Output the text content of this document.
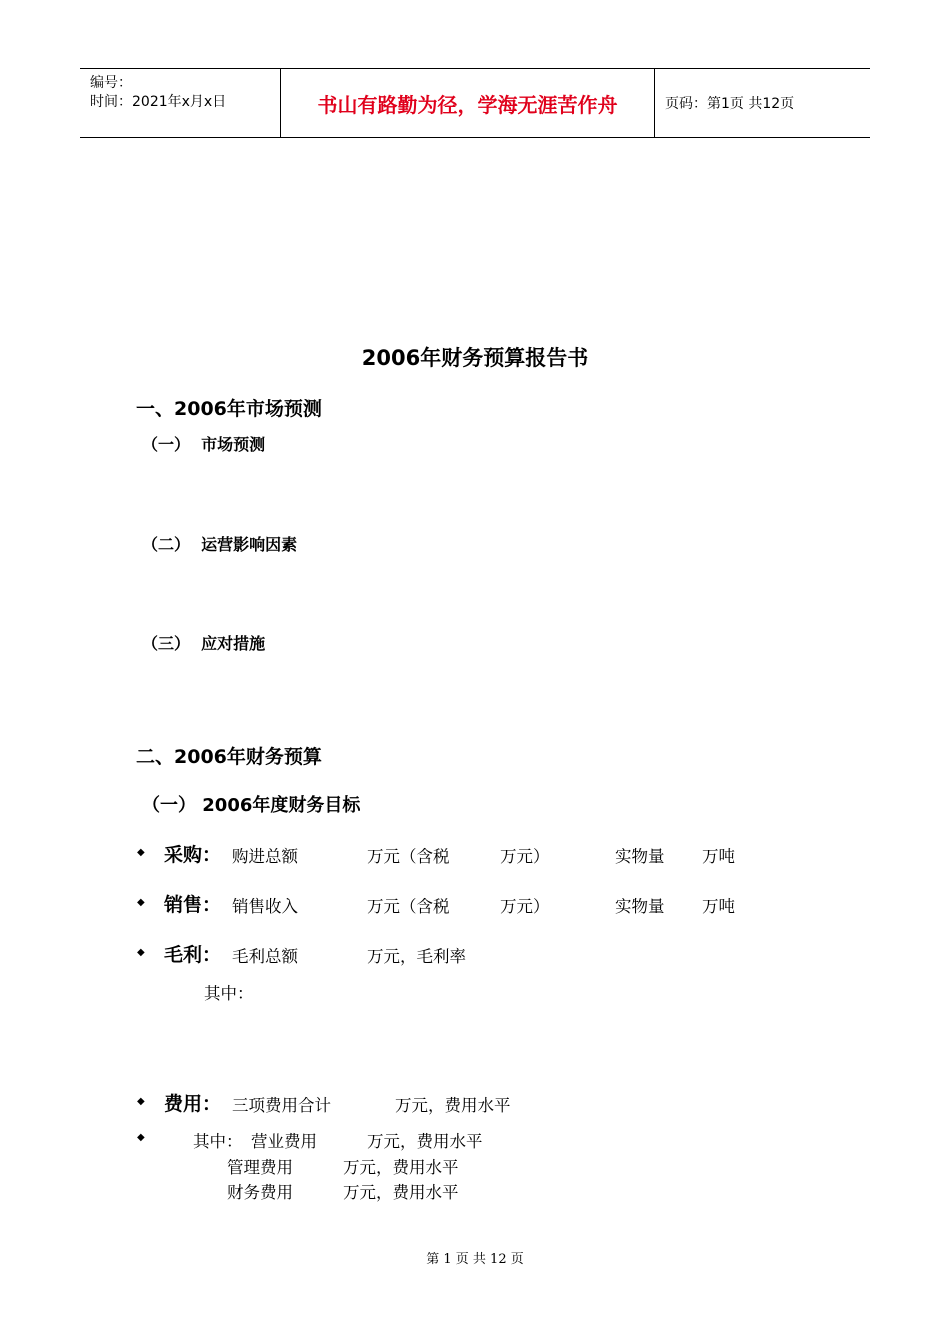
编号：
时间：2021年x月x日	书山有路勤为径，学海无涯苦作舟	页码：第1页 共12页
2006年财务预算报告书
一、2006年市场预测
（一）  市场预测
（二）  运营影响因素
（三）  应对措施
二、2006年财务预算
（一） 2006年度财务目标
◆ 采购： 购进总额	万元（含税	万元）	实物量 万吨
◆ 销售： 销售收入	万元（含税	万元）	实物量 万吨
◆ 毛利： 毛利总额	万元，毛利率
其中：
◆ 费用： 三项费用合计	万元，费用水平
◆	其中： 营业费用	万元，费用水平
管理费用	万元，费用水平
财务费用	万元，费用水平
第 1 页 共 12 页
